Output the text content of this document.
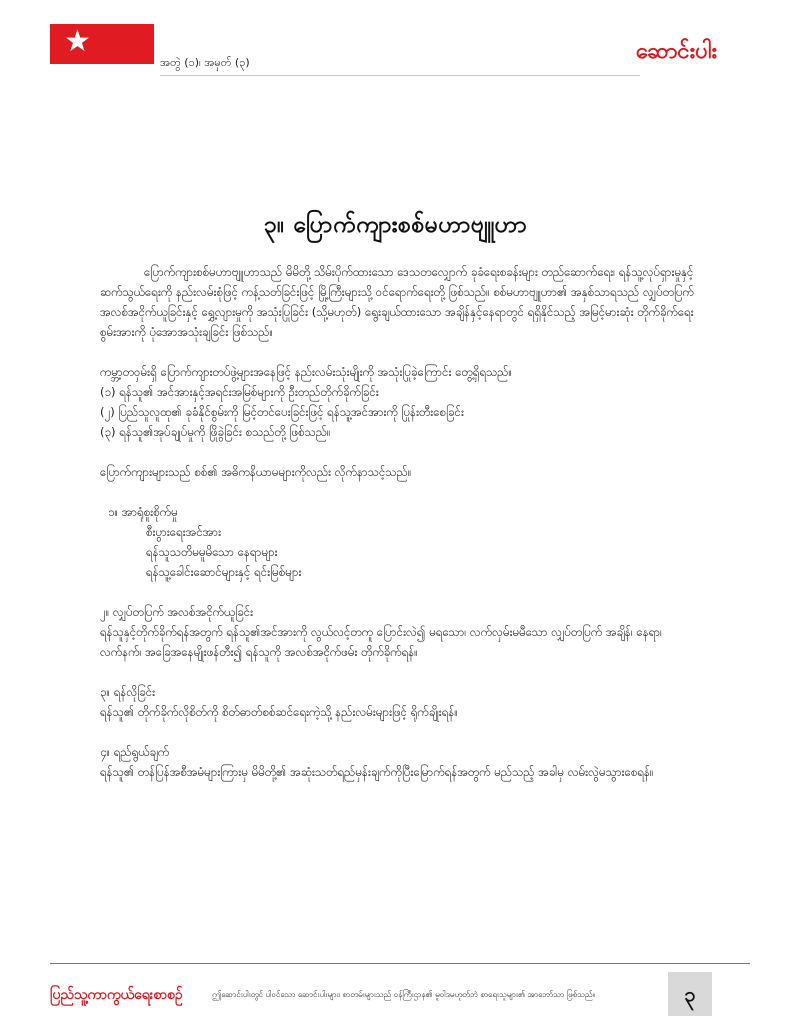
★
အတွဲ (၁)၊ အမှတ် (၃)	ဆောင်းပါး
၃။ ပြောက်ကျားစစ်မဟာဗျူဟာ

ပြောက်ကျားစစ်မဟာဗျူဟာသည် မိမိတို့ သိမ်းပိုက်ထားသော ဒေသတလျှောက် ခုခံရေးစခန်းများ တည်ဆောက်ရေး၊ ရန်သူ့လုပ်ရှားမှုနှင့် ဆက်သွယ်ရေးကို နည်းလမ်းစုံဖြင့် ကန့်သတ်ခြင်းဖြင့် မြို့ကြီးများသို့ ဝင်ရောက်ရေးတို့ ဖြစ်သည်။ စစ်မဟာဗျူဟာ၏ အနှစ်သာရသည် လျှပ်တပြက် အလစ်အငိုက်ယူခြင်းနှင့် ရွှေ့လျားမှုကို အသုံးပြုခြင်း (သို့မဟုတ်) ရွေးချယ်ထားသော အချိန်နှင့်နေရာတွင် ရရှိနိုင်သည့် အမြင့်မားဆုံး တိုက်ခိုက်ရေးစွမ်းအားကို ပုံအောအသုံးချခြင်း ဖြစ်သည်။

ကမ္ဘာ့တဝှမ်းရှိ ပြောက်ကျားတပ်ဖွဲ့များအနေဖြင့် နည်းလမ်းသုံးမျိုးကို အသုံးပြုခဲ့ကြောင်း တွေ့ရှိရသည်။

(၁) ရန်သူ၏ အင်အားနှင့်အရင်းအမြစ်များကို ဦးတည်တိုက်ခိုက်ခြင်း

(၂) ပြည်သူလူထု၏ ခုခံနိုင်စွမ်းကို မြင့်တင်ပေးခြင်းဖြင့် ရန်သူ့အင်အားကို ပြုန်းတီးစေခြင်း

(၃) ရန်သူ၏အုပ်ချုပ်မှုကို ဖြိုခွဲခြင်း စသည်တို့ ဖြစ်သည်။

ပြောက်ကျားများသည် စစ်၏ အဓိကနိယာမများကိုလည်း လိုက်နာသင့်သည်။

၁။ အာရုံစူးစိုက်မှု

စီးပွားရေးအင်အား

ရန်သူသတိမမူမိသော နေရာများ

ရန်သူ့ခေါင်းဆောင်များနှင့် ရင်းမြစ်များ

၂။ လျှပ်တပြက် အလစ်အငိုက်ယူခြင်း

ရန်သူနှင့်တိုက်ခိုက်ရန်အတွက် ရန်သူ၏အင်အားကို လွယ်လင့်တကူ ပြောင်းလဲ၍ မရသော၊ လက်လှမ်းမမီသော လျှပ်တပြက် အချိန်၊ နေရာ၊ လက်နက်၊ အခြေအနေမျိုးဖန်တီး၍ ရန်သူကို အလစ်အငိုက်ဖမ်း တိုက်ခိုက်ရန်။

၃။ ရန်လိုခြင်း

ရန်သူ၏ တိုက်ခိုက်လိုစိတ်ကို စိတ်ဓာတ်စစ်ဆင်ရေးကဲ့သို့ နည်းလမ်းများဖြင့် ရိုက်ချိုးရန်။

၄။ ရည်ရွယ်ချက်

ရန်သူ၏ တန်ပြန်အစီအမံများကြားမှ မိမိတို့၏ အဆုံးသတ်ရည်မှန်းချက်ကိုပြီးမြောက်ရန်အတွက် မည်သည့် အခါမှ လမ်းလွဲမသွားစေရန်။

ပြည်သူ့ကာကွယ်ရေးစာစဉ်	ဤဆောင်းပါးတွင် ပါဝင်သော ဆောင်းပါးများ၊ စာတမ်းများသည် ဝန်ကြီးဌာန၏ မူဝါဒမဟုတ်ဘဲ စာရေးသူများ၏ အာဘော်သာ ဖြစ်သည်။	၃
